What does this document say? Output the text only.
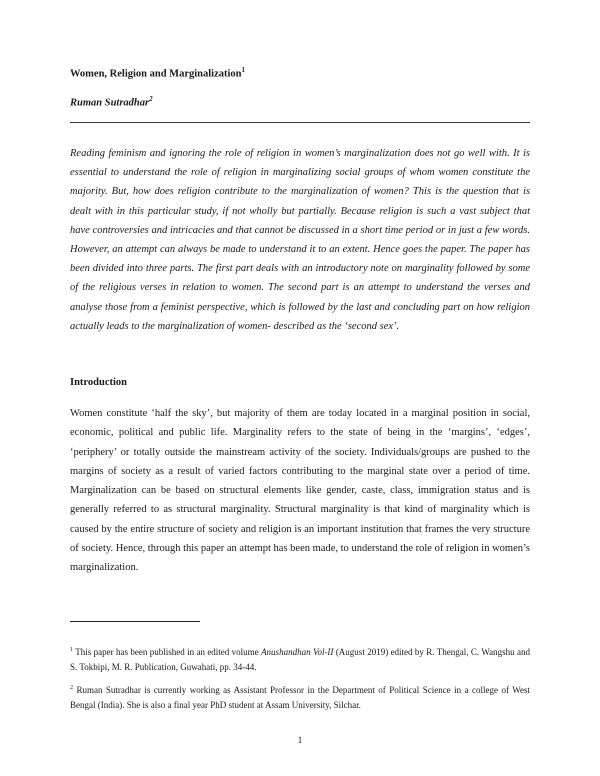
Women, Religion and Marginalization$^1$
Ruman Sutradhar$^2$

Reading feminism and ignoring the role of religion in women’s marginalization does not go well with. It is essential to understand the role of religion in marginalizing social groups of whom women constitute the majority. But, how does religion contribute to the marginalization of women? This is the question that is dealt with in this particular study, if not wholly but partially. Because religion is such a vast subject that have controversies and intricacies and that cannot be discussed in a short time period or in just a few words. However, an attempt can always be made to understand it to an extent. Hence goes the paper. The paper has been divided into three parts. The first part deals with an introductory note on marginality followed by some of the religious verses in relation to women. The second part is an attempt to understand the verses and analyse those from a feminist perspective, which is followed by the last and concluding part on how religion actually leads to the marginalization of women- described as the ‘second sex’.

Introduction

Women constitute ‘half the sky’, but majority of them are today located in a marginal position in social, economic, political and public life. Marginality refers to the state of being in the ‘margins’, ‘edges’, ‘periphery’ or totally outside the mainstream activity of the society. Individuals/groups are pushed to the margins of society as a result of varied factors contributing to the marginal state over a period of time. Marginalization can be based on structural elements like gender, caste, class, immigration status and is generally referred to as structural marginality. Structural marginality is that kind of marginality which is caused by the entire structure of society and religion is an important institution that frames the very structure of society. Hence, through this paper an attempt has been made, to understand the role of religion in women’s marginalization.

$^1$ This paper has been published in an edited volume Anushandhan Vol-II (August 2019) edited by R. Thengal, C. Wangshu and S. Tokbipi, M. R. Publication, Guwahati, pp. 34-44.

$^2$ Ruman Sutradhar is currently working as Assistant Professor in the Department of Political Science in a college of West Bengal (India). She is also a final year PhD student at Assam University, Silchar.

1
